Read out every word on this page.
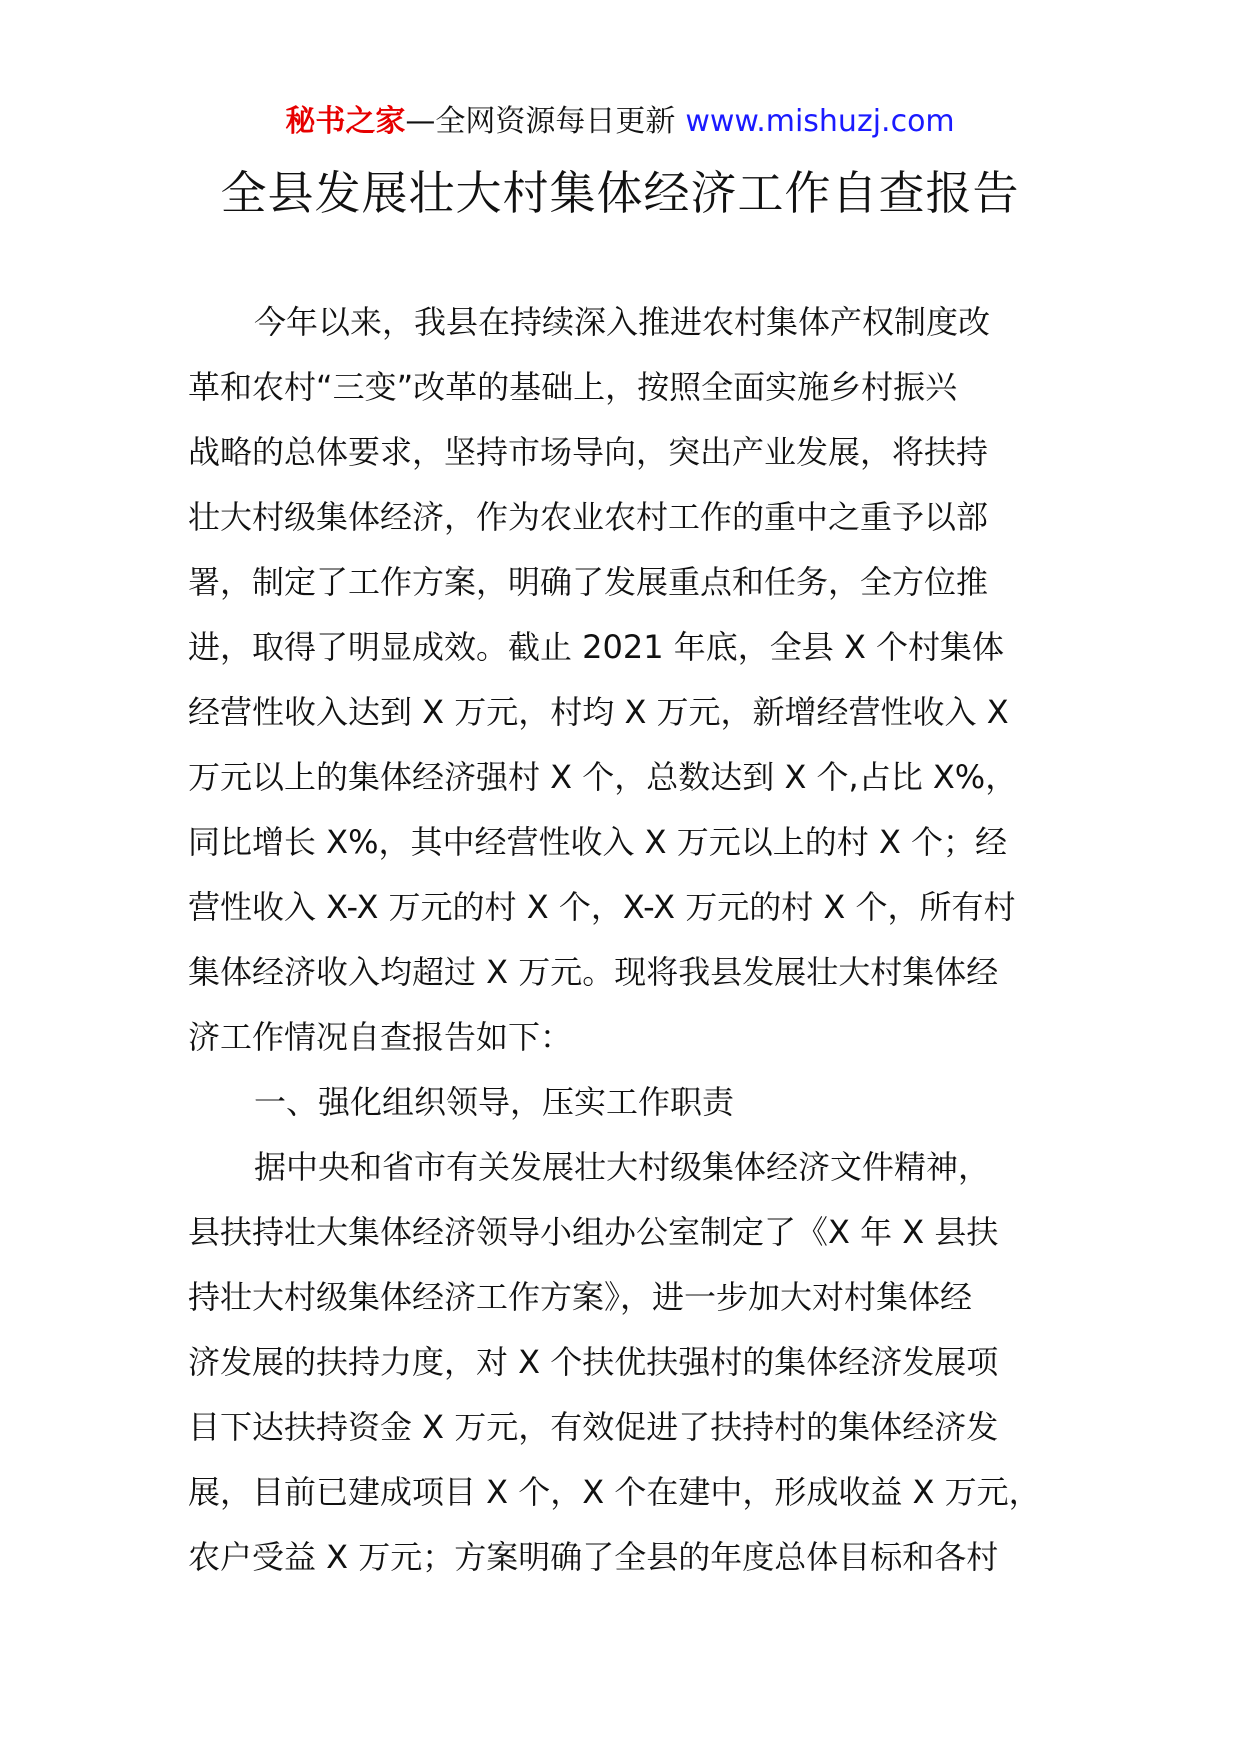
秘书之家—全网资源每日更新 www.mishuzj.com
全县发展壮大村集体经济工作自查报告
今年以来，我县在持续深入推进农村集体产权制度改
革和农村“三变”改革的基础上，按照全面实施乡村振兴
战略的总体要求，坚持市场导向，突出产业发展，将扶持
壮大村级集体经济，作为农业农村工作的重中之重予以部
署，制定了工作方案，明确了发展重点和任务，全方位推
进，取得了明显成效。截止 2021 年底，全县 X 个村集体
经营性收入达到 X 万元，村均 X 万元，新增经营性收入 X
万元以上的集体经济强村 X 个，总数达到 X 个,占比 X%，
同比增长 X%，其中经营性收入 X 万元以上的村 X 个；经
营性收入 X-X 万元的村 X 个，X-X 万元的村 X 个，所有村
集体经济收入均超过 X 万元。现将我县发展壮大村集体经
济工作情况自查报告如下：
一、强化组织领导，压实工作职责
据中央和省市有关发展壮大村级集体经济文件精神，
县扶持壮大集体经济领导小组办公室制定了《X 年 X 县扶
持壮大村级集体经济工作方案》，进一步加大对村集体经
济发展的扶持力度，对 X 个扶优扶强村的集体经济发展项
目下达扶持资金 X 万元，有效促进了扶持村的集体经济发
展，目前已建成项目 X 个，X 个在建中，形成收益 X 万元，
农户受益 X 万元；方案明确了全县的年度总体目标和各村
